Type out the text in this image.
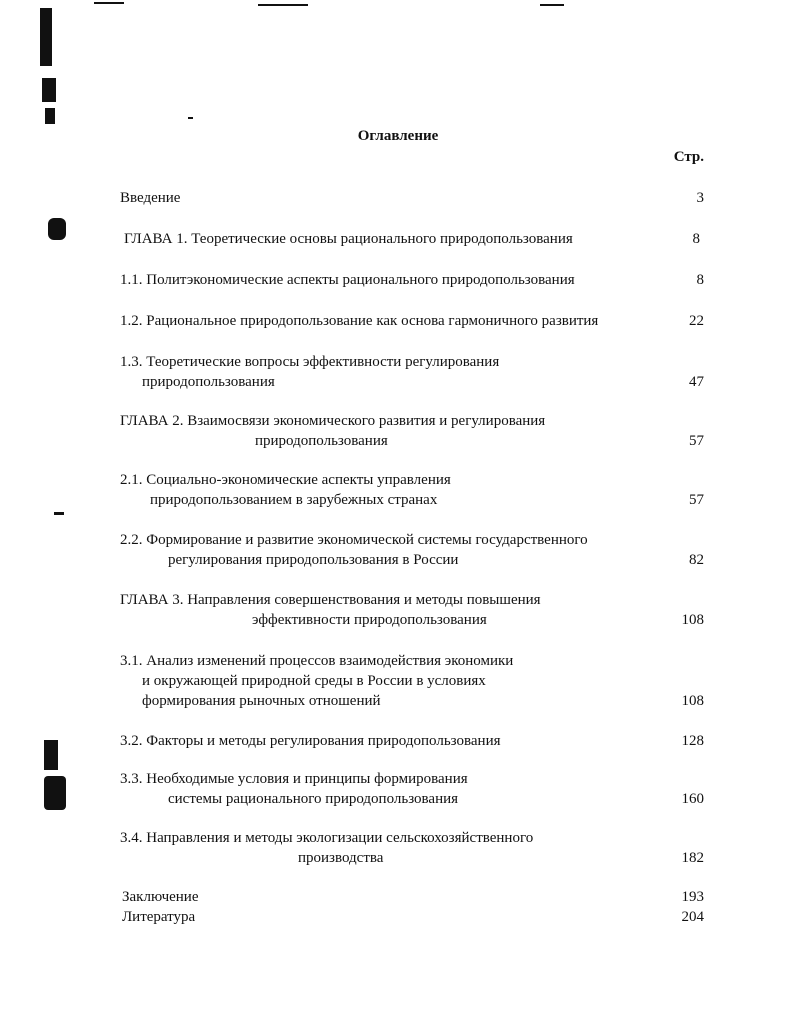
Оглавление
Стр.
Введение	3
ГЛАВА 1. Теоретические основы рационального природопользования	8
1.1. Политэкономические аспекты рационального природопользования	8
1.2. Рациональное природопользование как основа гармоничного развития	22
1.3. Теоретические вопросы эффективности регулирования
природопользования	47
ГЛАВА 2. Взаимосвязи экономического развития и регулирования
природопользования	57
2.1. Социально-экономические аспекты управления
природопользованием в зарубежных странах	57
2.2. Формирование и развитие экономической системы государственного
регулирования природопользования в России	82
ГЛАВА 3. Направления совершенствования и методы повышения
эффективности природопользования	108
3.1. Анализ изменений процессов взаимодействия экономики
и окружающей природной среды в России в условиях
формирования рыночных отношений	108
3.2. Факторы и методы регулирования природопользования	128
3.3. Необходимые условия и принципы формирования
системы рационального природопользования	160
3.4. Направления и методы экологизации сельскохозяйственного
производства	182
Заключение	193
Литература	204
